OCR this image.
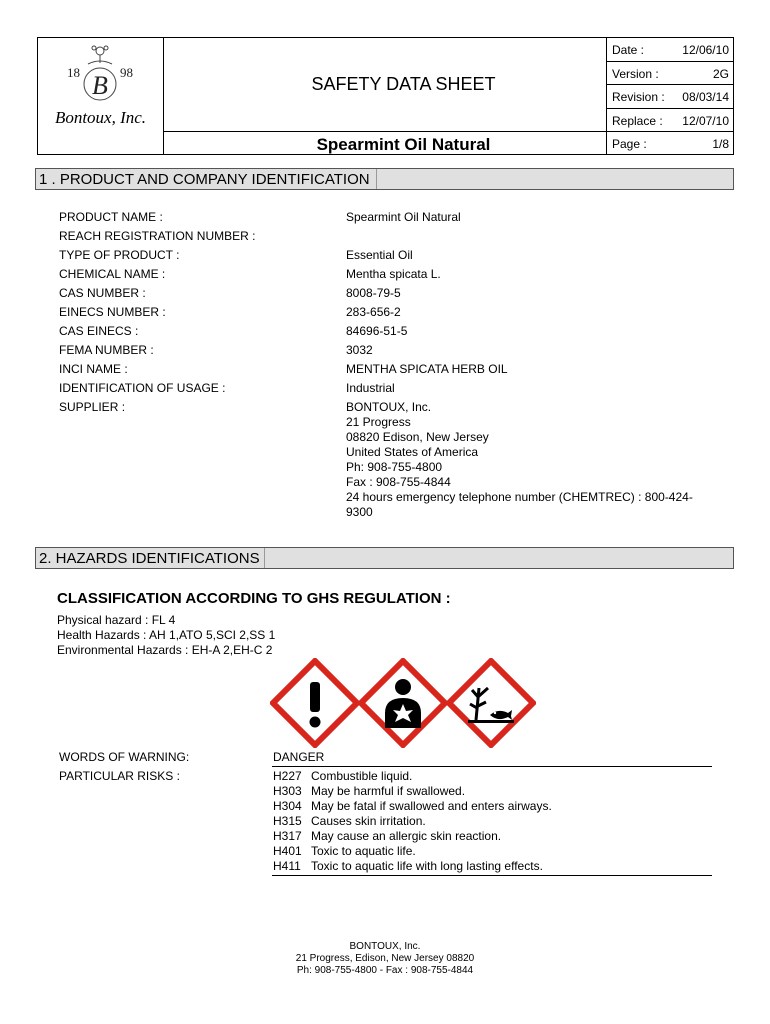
B
18	98
Bontoux, Inc.
SAFETY DATA SHEET
Spearmint Oil Natural
Date :	12/06/10
Version :	2G
Revision : 08/03/14
Replace : 12/07/10
Page :	1/8
1 . PRODUCT AND COMPANY IDENTIFICATION
PRODUCT NAME :	Spearmint Oil Natural
REACH REGISTRATION NUMBER :
TYPE OF PRODUCT :	Essential Oil
CHEMICAL NAME :	Mentha spicata L.
CAS NUMBER :	8008-79-5
EINECS NUMBER :	283-656-2
CAS EINECS :	84696-51-5
FEMA NUMBER :	3032
INCI NAME :	MENTHA SPICATA HERB OIL
IDENTIFICATION OF USAGE :	Industrial
SUPPLIER :	BONTOUX, Inc.
21 Progress
08820 Edison, New Jersey
United States of America
Ph: 908-755-4800
Fax : 908-755-4844
24 hours emergency telephone number (CHEMTREC) : 800-424-
9300
2. HAZARDS IDENTIFICATIONS
CLASSIFICATION ACCORDING TO GHS REGULATION :
Physical hazard : FL 4
Health Hazards : AH 1,ATO 5,SCI 2,SS 1
Environmental Hazards : EH-A 2,EH-C 2
WORDS OF WARNING:	DANGER
PARTICULAR RISKS :	H227 Combustible liquid.
H303 May be harmful if swallowed.
H304 May be fatal if swallowed and enters airways.
H315 Causes skin irritation.
H317 May cause an allergic skin reaction.
H401 Toxic to aquatic life.
H411 Toxic to aquatic life with long lasting effects.
BONTOUX, Inc.
21 Progress, Edison, New Jersey 08820
Ph: 908-755-4800 - Fax : 908-755-4844
